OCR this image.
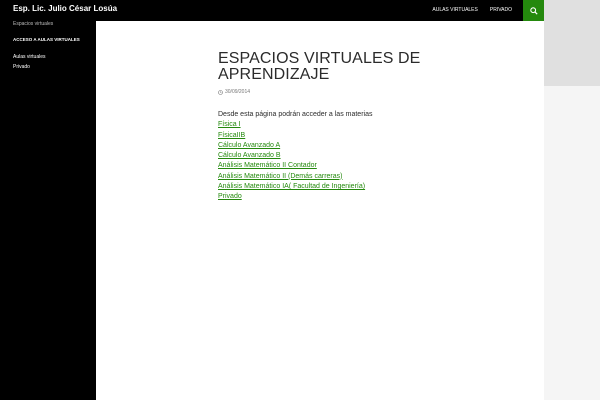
Esp. Lic. Julio César Losúa	AULAS VIRTUALES	PRIVADO
Espacios virtuales
ACCESO A AULAS VIRTUALES
Aulas virtuales
Privado	ESPACIOS VIRTUALES DE
APRENDIZAJE
30/09/2014

Desde esta página podrán acceder a las materias

Física I
FísicaIIB
Cálculo Avanzado A
Cálculo Avanzado B
Análisis Matemático II Contador
Análisis Matemático II (Demás carreras)
Análisis Matemático IA( Facultad de Ingeniería)
Privado
